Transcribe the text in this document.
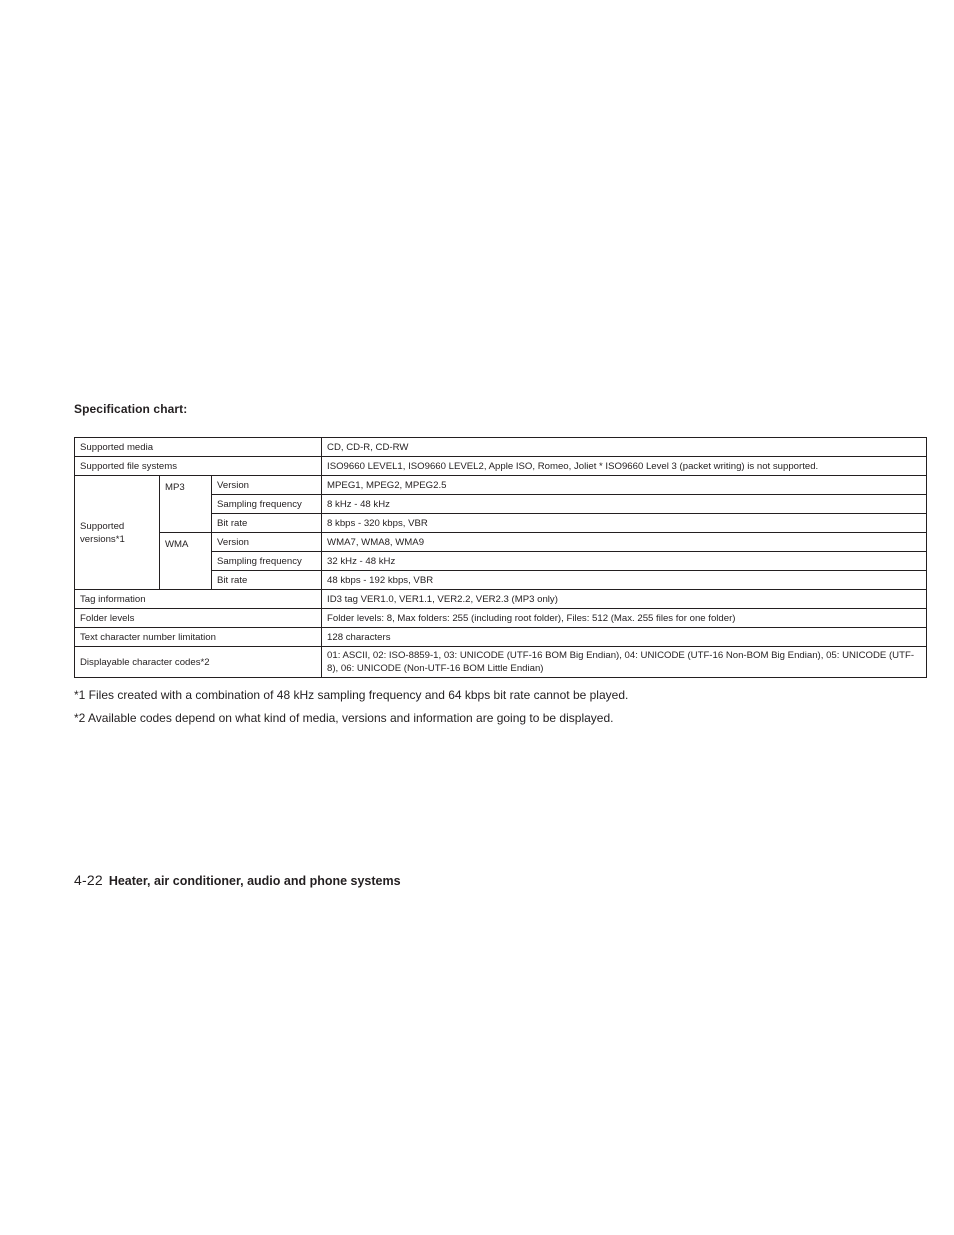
Specification chart:
Supported media			CD, CD-R, CD-RW
Supported file systems			ISO9660 LEVEL1, ISO9660 LEVEL2, Apple ISO, Romeo, Joliet * ISO9660 Level 3 (packet writing) is not supported.
Supported versions*1	MP3	Version	MPEG1, MPEG2, MPEG2.5
		Sampling frequency	8 kHz - 48 kHz
		Bit rate	8 kbps - 320 kbps, VBR
	WMA	Version	WMA7, WMA8, WMA9
		Sampling frequency	32 kHz - 48 kHz
		Bit rate	48 kbps - 192 kbps, VBR
Tag information			ID3 tag VER1.0, VER1.1, VER2.2, VER2.3 (MP3 only)
Folder levels			Folder levels: 8, Max folders: 255 (including root folder), Files: 512 (Max. 255 files for one folder)
Text character number limitation			128 characters
Displayable character codes*2			01: ASCII, 02: ISO-8859-1, 03: UNICODE (UTF-16 BOM Big Endian), 04: UNICODE (UTF-16 Non-BOM Big Endian), 05: UNICODE (UTF-8), 06: UNICODE (Non-UTF-16 BOM Little Endian)

*1 Files created with a combination of 48 kHz sampling frequency and 64 kbps bit rate cannot be played.

*2 Available codes depend on what kind of media, versions and information are going to be displayed.

4-22 Heater, air conditioner, audio and phone systems
